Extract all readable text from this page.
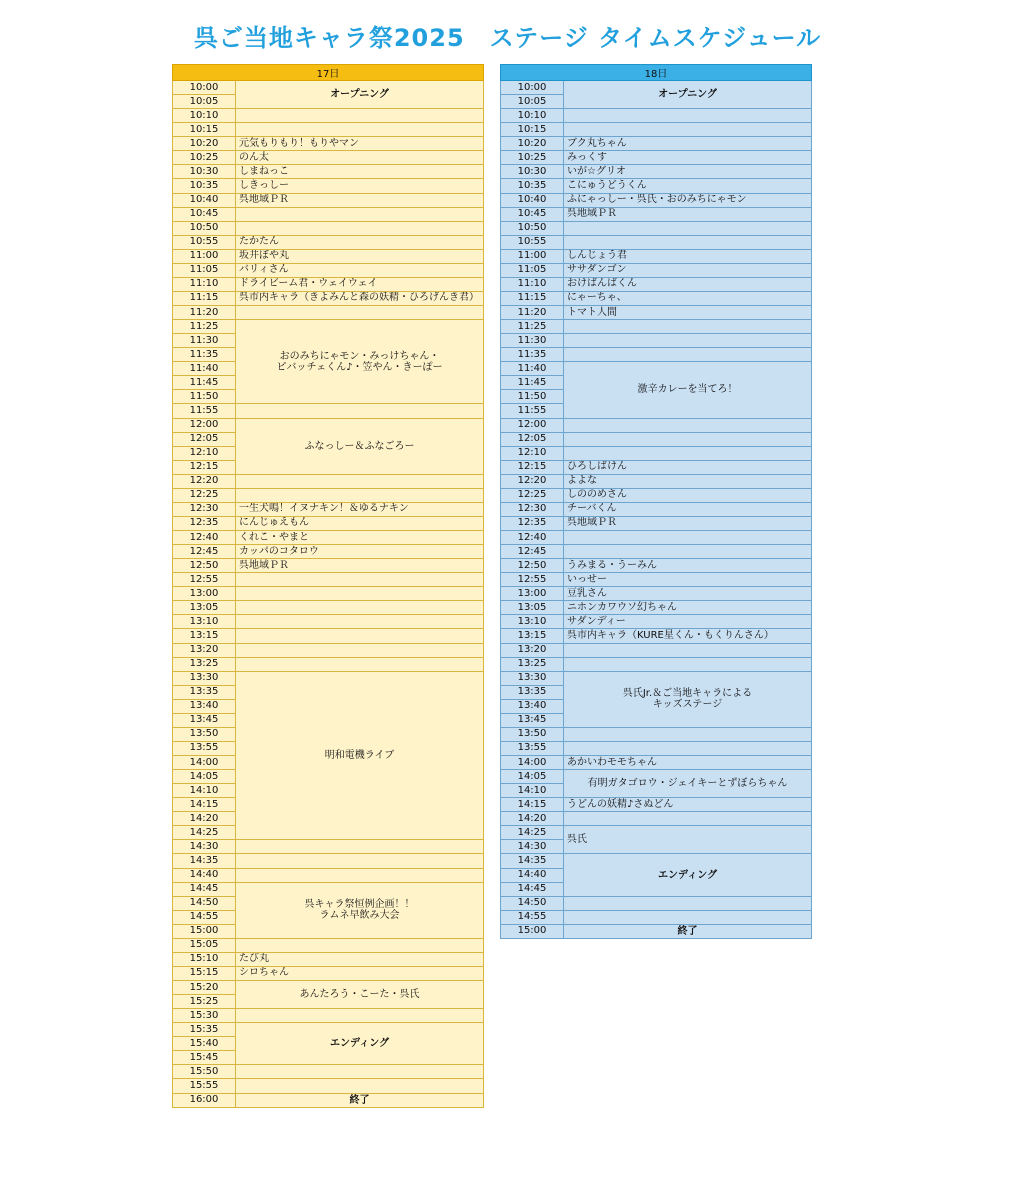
呉ご当地キャラ祭2025　ステージ タイムスケジュール
17日	
10:00	オープニング
10:05	
10:10	
10:15	
10:20	元気もりもり！もりやマン
10:25	のん太
10:30	しまねっこ
10:35	しきっしー
10:40	呉地域ＰＲ
10:45	
10:50	
10:55	たかたん
11:00	坂井ぼや丸
11:05	バリィさん
11:10	ドライビーム君・ウェイウェイ
11:15	呉市内キャラ（きよみんと森の妖精・ひろげんき君）
11:20	
11:25	おのみちにゃモン・みっけちゃん・
ピバッチェくん♪・笠やん・きーぽー
11:30	
11:35	
11:40	
11:45	
11:50	
11:55	
12:00	ふなっしー＆ふなごろー
12:05	
12:10	
12:15	
12:20	
12:25	
12:30	一生犬鳴！イヌナキン！＆ゆるナキン
12:35	にんじゅえもん
12:40	くれこ・やまと
12:45	カッパのコタロウ
12:50	呉地域ＰＲ
12:55	
13:00	
13:05	
13:10	
13:15	
13:20	
13:25	
13:30	明和電機ライブ
13:35	
13:40	
13:45	
13:50	
13:55	
14:00	
14:05	
14:10	
14:15	
14:20	
14:25	
14:30	
14:35	
14:40	
14:45	呉キャラ祭恒例企画！！
ラムネ早飲み大会
14:50	
14:55	
15:00	
15:05	
15:10	たび丸
15:15	シロちゃん
15:20	あんたろう・こーた・呉氏
15:25	
15:30	
15:35	エンディング
15:40	
15:45	
15:50	
15:55	
16:00	終了
18日	
10:00	オープニング
10:05	
10:10	
10:15	
10:20	ブク丸ちゃん
10:25	みっくす
10:30	いが☆グリオ
10:35	こにゅうどうくん
10:40	ふにゃっしー・呉氏・おのみちにゃモン
10:45	呉地域ＰＲ
10:50	
10:55	
11:00	しんじょう君
11:05	ササダンゴン
11:10	おけばんばくん
11:15	にゃーちゃ、
11:20	トマト人間
11:25	
11:30	
11:35	
11:40	激辛カレーを当てろ！
11:45	
11:50	
11:55	
12:00	
12:05	
12:10	
12:15	ひろしばけん
12:20	よよな
12:25	しののめさん
12:30	チーバくん
12:35	呉地域ＰＲ
12:40	
12:45	
12:50	うみまる・うーみん
12:55	いっせー
13:00	豆乳さん
13:05	ニホンカワウソ幻ちゃん
13:10	サダンディー
13:15	呉市内キャラ（KURE星くん・もくりんさん）
13:20	
13:25	
13:30	呉氏Jr.＆ご当地キャラによる
キッズステージ
13:35	
13:40	
13:45	
13:50	
13:55	
14:00	あかいわモモちゃん
14:05	有明ガタゴロウ・ジェイキーとずぼらちゃん
14:10	
14:15	うどんの妖精♪さぬどん
14:20	
14:25	呉氏
14:30	
14:35	エンディング
14:40	
14:45	
14:50	
14:55	
15:00	終了
